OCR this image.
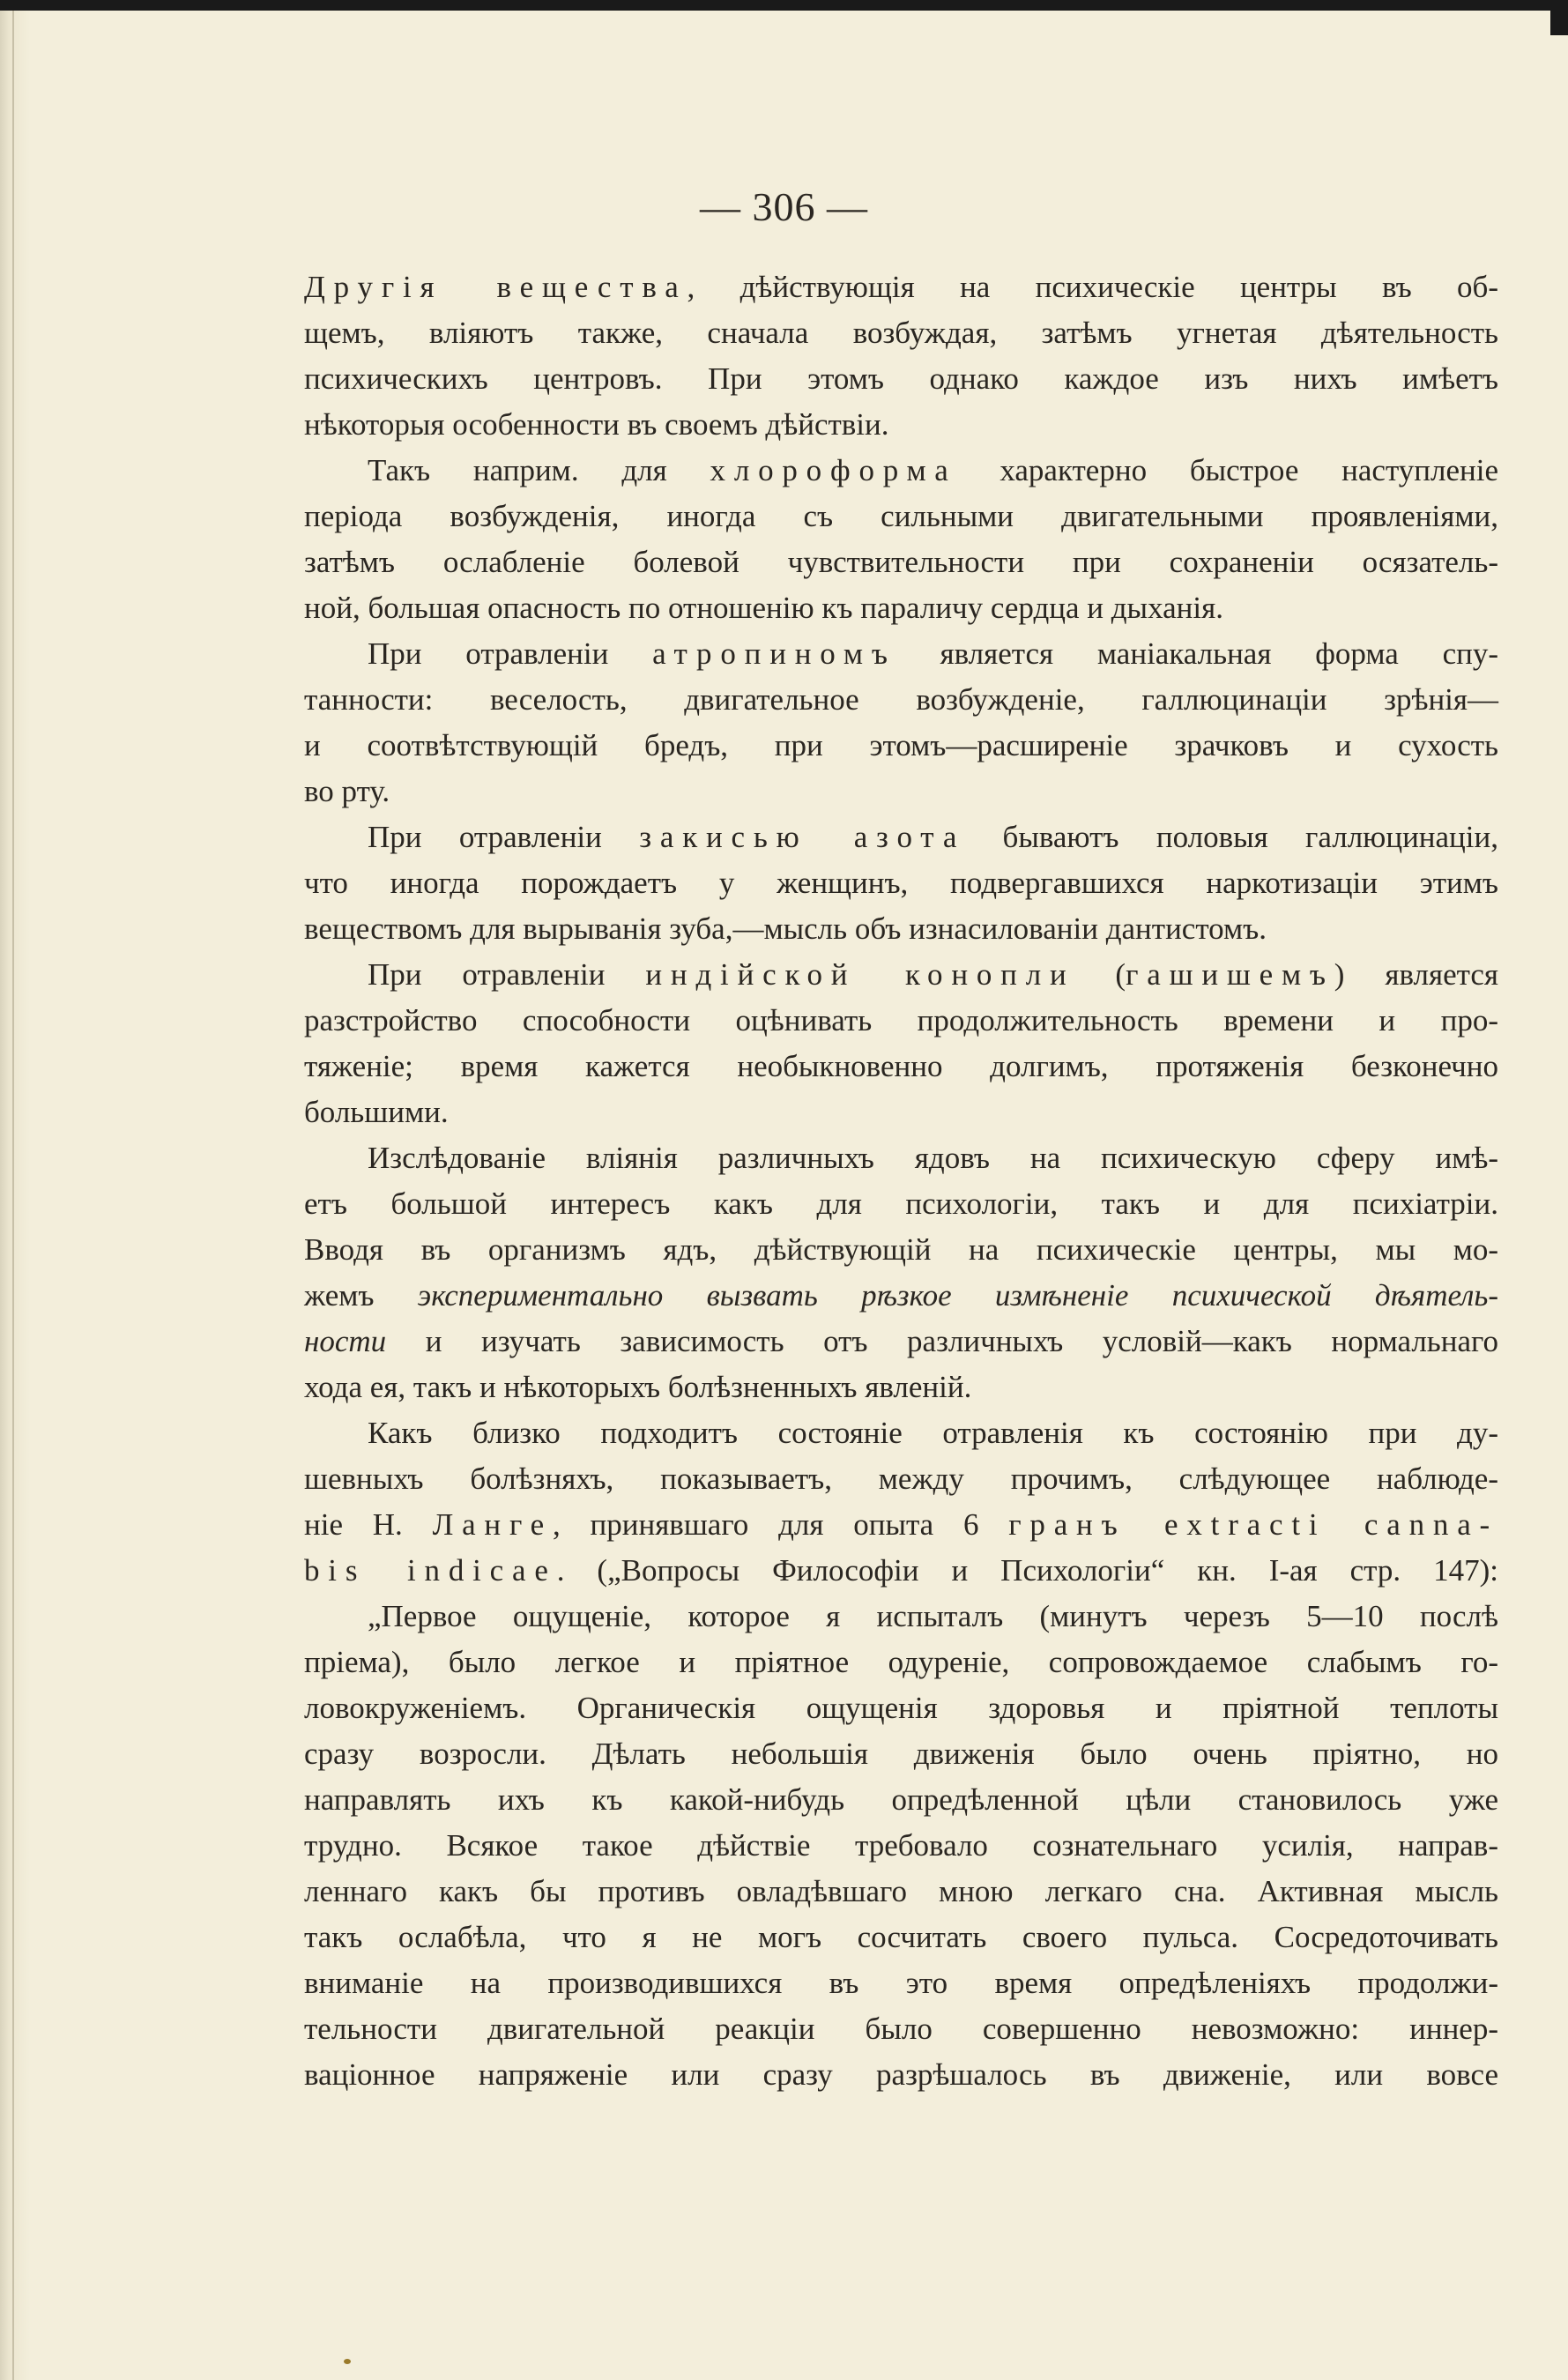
— 306 —
Другія вещества, дѣйствующія на психическіе центры въ об-
щемъ, вліяютъ также, сначала возбуждая, затѣмъ угнетая дѣятельность
психическихъ центровъ. При этомъ однако каждое изъ нихъ имѣетъ
нѣкоторыя особенности въ своемъ дѣйствіи.
Такъ наприм. для хлороформа характерно быстрое наступленіе
періода возбужденія, иногда съ сильными двигательными проявленіями,
затѣмъ ослабленіе болевой чувствительности при сохраненіи осязатель-
ной, большая опасность по отношенію къ параличу сердца и дыханія.
При отравленіи атропиномъ является маніакальная форма спу-
танности: веселость, двигательное возбужденіе, галлюцинаціи зрѣнія—
и соотвѣтствующій бредъ, при этомъ—расширеніе зрачковъ и сухость
во рту.
При отравленіи закисью азота бываютъ половыя галлюцинаціи,
что иногда порождаетъ у женщинъ, подвергавшихся наркотизаціи этимъ
веществомъ для вырыванія зуба,—мысль объ изнасилованіи дантистомъ.
При отравленіи индійской конопли (гашишемъ) является
разстройство способности оцѣнивать продолжительность времени и про-
тяженіе; время кажется необыкновенно долгимъ, протяженія безконечно
большими.
Изслѣдованіе вліянія различныхъ ядовъ на психическую сферу имѣ-
етъ большой интересъ какъ для психологіи, такъ и для психіатріи.
Вводя въ организмъ ядъ, дѣйствующій на психическіе центры, мы мо-
жемъ экспериментально вызвать рѣзкое измѣненіе психической дѣятель-
ности и изучать зависимость отъ различныхъ условій—какъ нормальнаго
хода ея, такъ и нѣкоторыхъ болѣзненныхъ явленій.
Какъ близко подходитъ состояніе отравленія къ состоянію при ду-
шевныхъ болѣзняхъ, показываетъ, между прочимъ, слѣдующее наблюде-
ніе Н. Ланге, принявшаго для опыта 6 гранъ extracti canna-
bis indicae. („Вопросы Философіи и Психологіи“ кн. I-ая стр. 147):
„Первое ощущеніе, которое я испыталъ (минутъ черезъ 5—10 послѣ
пріема), было легкое и пріятное одуреніе, сопровождаемое слабымъ го-
ловокруженіемъ. Органическія ощущенія здоровья и пріятной теплоты
сразу возросли. Дѣлать небольшія движенія было очень пріятно, но
направлять ихъ къ какой-нибудь опредѣленной цѣли становилось уже
трудно. Всякое такое дѣйствіе требовало сознательнаго усилія, направ-
леннаго какъ бы противъ овладѣвшаго мною легкаго сна. Активная мысль
такъ ослабѣла, что я не могъ сосчитать своего пульса. Сосредоточивать
вниманіе на производившихся въ это время опредѣленіяхъ продолжи-
тельности двигательной реакціи было совершенно невозможно: иннер-
ваціонное напряженіе или сразу разрѣшалось въ движеніе, или вовсе
